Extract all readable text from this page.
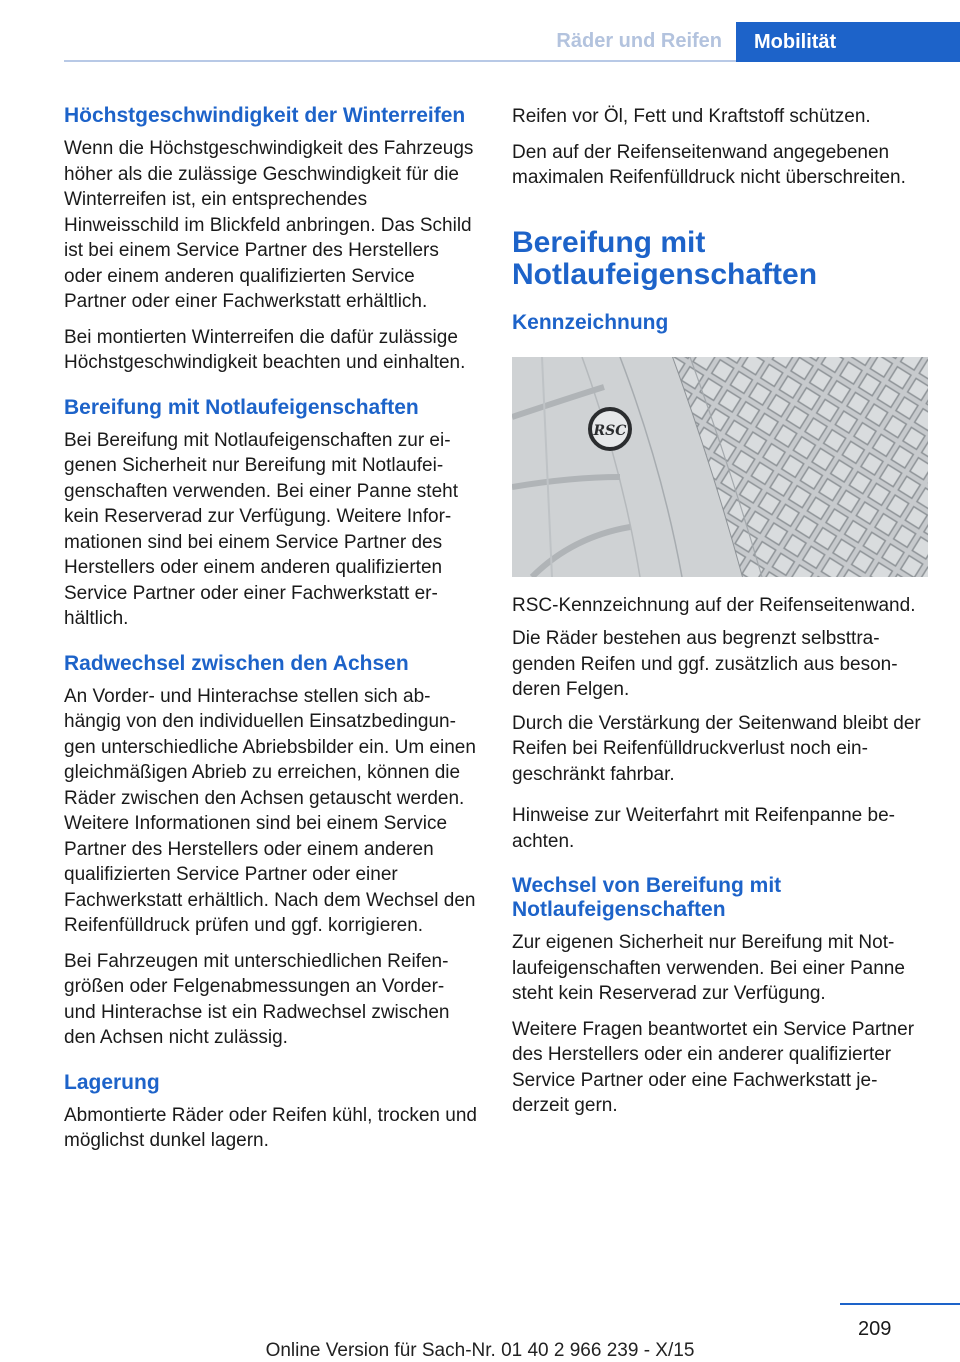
Räder und Reifen Mobilität
Höchstgeschwindigkeit der Winterreifen

Wenn die Höchstgeschwindigkeit des Fahrzeugs höher als die zulässige Geschwindigkeit für die Winterreifen ist, ein entsprechendes Hinweisschild im Blickfeld anbringen. Das Schild ist bei einem Service Partner des Herstellers oder einem anderen qualifizierten Service Partner oder einer Fachwerkstatt erhältlich.

Bei montierten Winterreifen die dafür zulässige Höchstgeschwindigkeit beachten und einhalten.

Bereifung mit Notlaufeigenschaften

Bei Bereifung mit Notlaufeigenschaften zur eigenen Sicherheit nur Bereifung mit Notlaufeigenschaften verwenden. Bei einer Panne steht kein Reserverad zur Verfügung. Weitere Informationen sind bei einem Service Partner des Herstellers oder einem anderen qualifizierten Service Partner oder einer Fachwerkstatt erhältlich.

Radwechsel zwischen den Achsen

An Vorder- und Hinterachse stellen sich abhängig von den individuellen Einsatzbedingungen unterschiedliche Abriebsbilder ein. Um einen gleichmäßigen Abrieb zu erreichen, können die Räder zwischen den Achsen getauscht werden. Weitere Informationen sind bei einem Service Partner des Herstellers oder einem anderen qualifizierten Service Partner oder einer Fachwerkstatt erhältlich. Nach dem Wechsel den Reifenfülldruck prüfen und ggf. korrigieren.

Bei Fahrzeugen mit unterschiedlichen Reifengrößen oder Felgenabmessungen an Vorder- und Hinterachse ist ein Radwechsel zwischen den Achsen nicht zulässig.

Lagerung

Abmontierte Räder oder Reifen kühl, trocken und möglichst dunkel lagern.

Reifen vor Öl, Fett und Kraftstoff schützen.

Den auf der Reifenseitenwand angegebenen maximalen Reifenfülldruck nicht überschreiten.

Bereifung mit Notlaufeigenschaften
Kennzeichnung
RSC

RSC-Kennzeichnung auf der Reifenseitenwand.

Die Räder bestehen aus begrenzt selbsttragenden Reifen und ggf. zusätzlich aus besonderen Felgen.

Durch die Verstärkung der Seitenwand bleibt der Reifen bei Reifenfülldruckverlust noch eingeschränkt fahrbar.

Hinweise zur Weiterfahrt mit Reifenpanne beachten.

Wechsel von Bereifung mit Notlaufeigenschaften

Zur eigenen Sicherheit nur Bereifung mit Notlaufeigenschaften verwenden. Bei einer Panne steht kein Reserverad zur Verfügung.

Weitere Fragen beantwortet ein Service Partner des Herstellers oder ein anderer qualifizierter Service Partner oder eine Fachwerkstatt jederzeit gern.

209
Online Version für Sach-Nr. 01 40 2 966 239 - X/15
